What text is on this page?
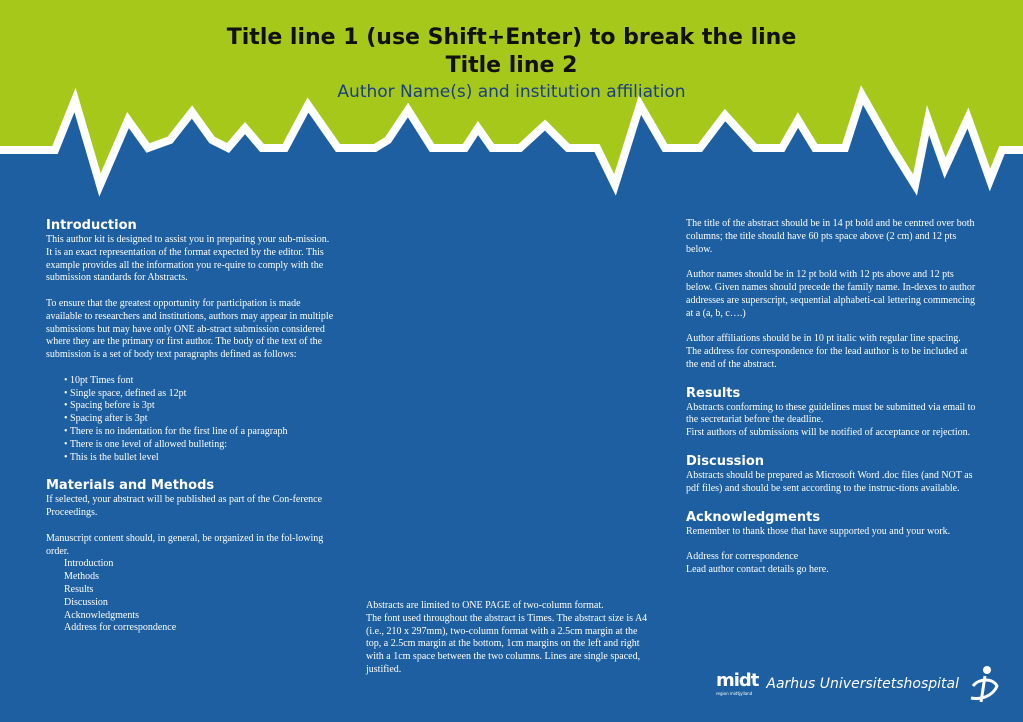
Title line 1 (use Shift+Enter) to break the line
Title line 2
Author Name(s) and institution affiliation
Introduction

This author kit is designed to assist you in preparing your sub-mission. It is an exact representation of the format expected by the editor. This example provides all the information you re-quire to comply with the submission standards for Abstracts.

To ensure that the greatest opportunity for participation is made available to researchers and institutions, authors may appear in multiple submissions but may have only ONE ab-stract submission considered where they are the primary or first author. The body of the text of the submission is a set of body text paragraphs defined as follows:

• 10pt Times font
• Single space, defined as 12pt
• Spacing before is 3pt
• Spacing after is 3pt
• There is no indentation for the first line of a paragraph
• There is one level of allowed bulleting:
• This is the bullet level
Materials and Methods

If selected, your abstract will be published as part of the Con-ference Proceedings.

Manuscript content should, in general, be organized in the fol-lowing order.

Introduction
Methods
Results
Discussion
Acknowledgments
Address for correspondence

Abstracts are limited to ONE PAGE of two-column format.

The font used throughout the abstract is Times. The abstract size is A4 (i.e., 210 x 297mm), two-column format with a 2.5cm margin at the top, a 2.5cm margin at the bottom, 1cm margins on the left and right with a 1cm space between the two columns. Lines are single spaced, justified.

The title of the abstract should be in 14 pt bold and be centred over both columns; the title should have 60 pts space above (2 cm) and 12 pts below.

Author names should be in 12 pt bold with 12 pts above and 12 pts below. Given names should precede the family name. In-dexes to author addresses are superscript, sequential alphabeti-cal lettering commencing at a (a, b, c….)

Author affiliations should be in 10 pt italic with regular line spacing. The address for correspondence for the lead author is to be included at the end of the abstract.

Results

Abstracts conforming to these guidelines must be submitted via email to the secretariat before the deadline.

First authors of submissions will be notified of acceptance or rejection.

Discussion

Abstracts should be prepared as Microsoft Word .doc files (and NOT as pdf files) and should be sent according to the instruc-tions available.

Acknowledgments

Remember to thank those that have supported you and your work.

Address for correspondence

Lead author contact details go here.

midt
region midtjylland
Aarhus Universitetshospital
